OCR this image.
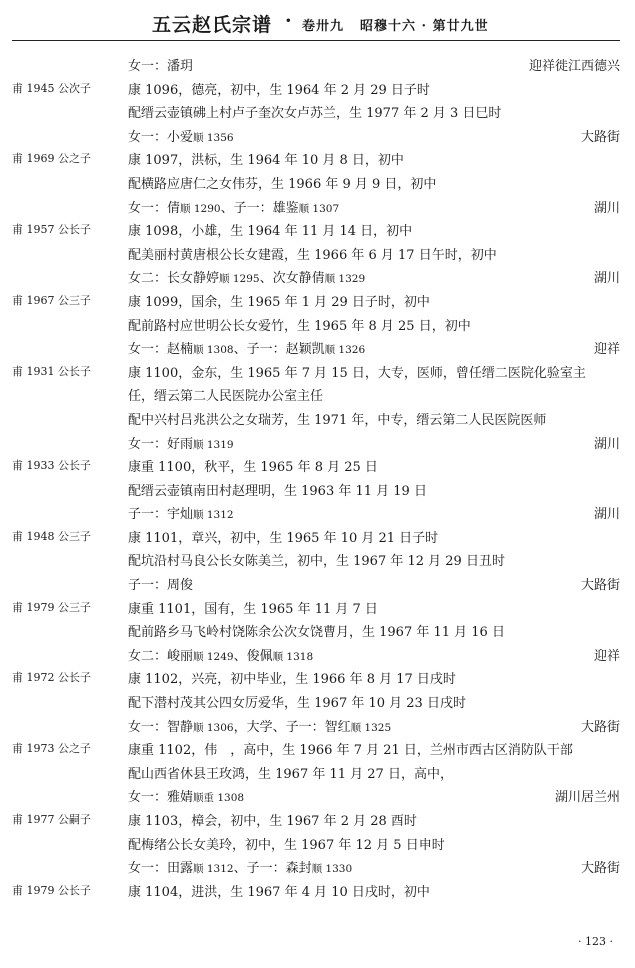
五云赵氏宗谱 · 卷卅九 昭穆十六 · 第廿九世
女一：潘玥	迎祥徙江西德兴
甫 1945 公次子	康 1096，德亮，初中，生 1964 年 2 月 29 日子时
配缙云壶镇砩上村卢子奎次女卢苏兰，生 1977 年 2 月 3 日巳时
女一：小爱顺 1356	大路街
甫 1969 公之子	康 1097，洪标，生 1964 年 10 月 8 日，初中
配横路应唐仁之女伟芬，生 1966 年 9 月 9 日，初中
女一：倩顺 1290、子一：雄鉴顺 1307	湖川
甫 1957 公长子	康 1098，小雄，生 1964 年 11 月 14 日，初中
配美丽村黄唐根公长女建霞，生 1966 年 6 月 17 日午时，初中
女二：长女静婷顺 1295、次女静倩顺 1329	湖川
甫 1967 公三子	康 1099，国余，生 1965 年 1 月 29 日子时，初中
配前路村应世明公长女爱竹，生 1965 年 8 月 25 日，初中
女一：赵楠顺 1308、子一：赵颖凯顺 1326	迎祥
甫 1931 公长子	康 1100，金东，生 1965 年 7 月 15 日，大专，医师，曾任缙二医院化验室主
任，缙云第二人民医院办公室主任
配中兴村吕兆洪公之女瑞芳，生 1971 年，中专，缙云第二人民医院医师
女一：好雨顺 1319	湖川
甫 1933 公长子	康重 1100，秋平，生 1965 年 8 月 25 日
配缙云壶镇南田村赵理明，生 1963 年 11 月 19 日
子一：宇灿顺 1312	湖川
甫 1948 公三子	康 1101，章兴，初中，生 1965 年 10 月 21 日子时
配坑沿村马良公长女陈美兰，初中，生 1967 年 12 月 29 日丑时
子一：周俊	大路街
甫 1979 公三子	康重 1101，国有，生 1965 年 11 月 7 日
配前路乡马飞岭村饶陈余公次女饶曹月，生 1967 年 11 月 16 日
女二：峻丽顺 1249、俊佩顺 1318	迎祥
甫 1972 公长子	康 1102，兴亮，初中毕业，生 1966 年 8 月 17 日戌时
配下潜村茂其公四女厉爱华，生 1967 年 10 月 23 日戌时
女一：智静顺 1306，大学、子一：智红顺 1325	大路街
甫 1973 公之子	康重 1102，伟　，高中，生 1966 年 7 月 21 日，兰州市西古区消防队干部
配山西省休县王玫鸿，生 1967 年 11 月 27 日，高中，
女一：雅婧顺重 1308	湖川居兰州
甫 1977 公嗣子	康 1103，樟会，初中，生 1967 年 2 月 28 酉时
配梅绪公长女美玲，初中，生 1967 年 12 月 5 日申时
女一：田露顺 1312、子一：森封顺 1330	大路街
甫 1979 公长子	康 1104，进洪，生 1967 年 4 月 10 日戌时，初中
· 123 ·
